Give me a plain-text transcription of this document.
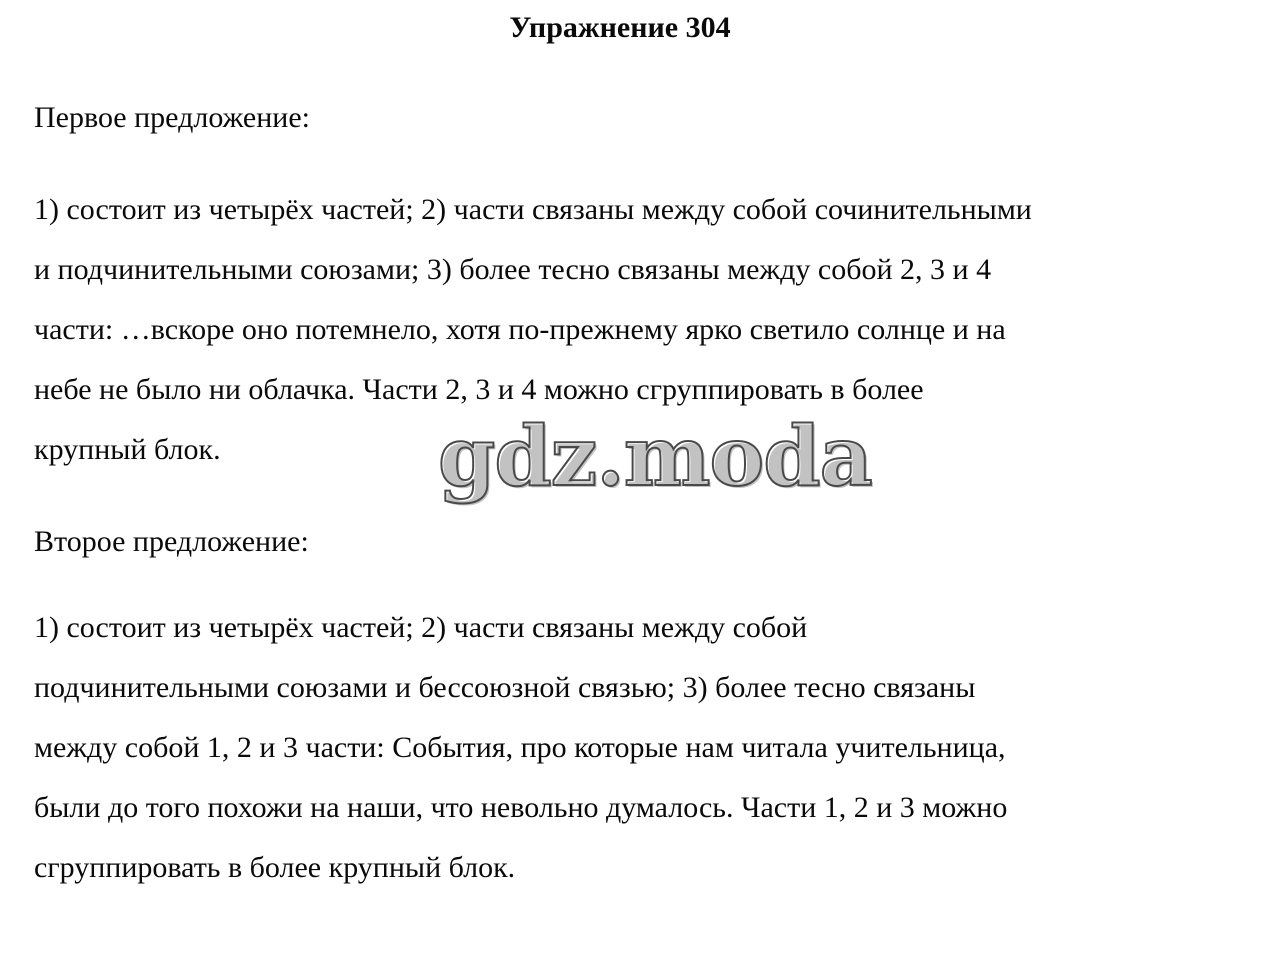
Упражнение 304

Первое предложение:

1) состоит из четырёх частей; 2) части связаны между собой сочинительными
и подчинительными союзами; 3) более тесно связаны между собой 2, 3 и 4
части: …вскоре оно потемнело, хотя по-прежнему ярко светило солнце и на
небе не было ни облачка. Части 2, 3 и 4 можно сгруппировать в более
крупный блок.

Второе предложение:

1) состоит из четырёх частей; 2) части связаны между собой
подчинительными союзами и бессоюзной связью; 3) более тесно связаны
между собой 1, 2 и 3 части: События, про которые нам читала учительница,
были до того похожи на наши, что невольно думалось. Части 1, 2 и 3 можно
сгруппировать в более крупный блок.

gdz.moda
